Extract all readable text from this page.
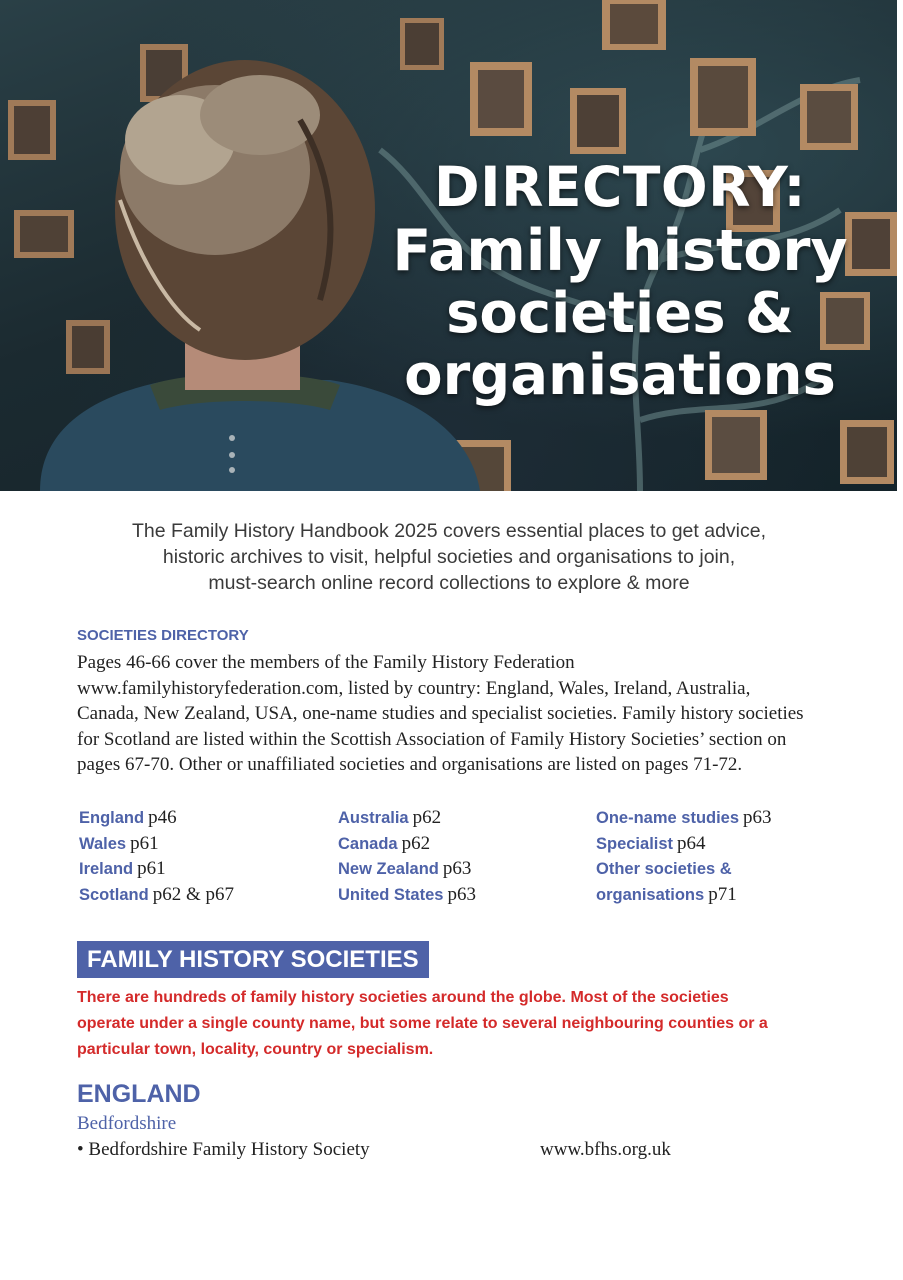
DIRECTORY:
Family history
societies &
organisations
The Family History Handbook 2025 covers essential places to get advice,
historic archives to visit, helpful societies and organisations to join,
must-search online record collections to explore & more
SOCIETIES DIRECTORY
Pages 46-66 cover the members of the Family History Federation
www.familyhistoryfederation.com, listed by country: England, Wales, Ireland, Australia,
Canada, New Zealand, USA, one-name studies and specialist societies. Family history societies
for Scotland are listed within the Scottish Association of Family History Societies’ section on
pages 67-70. Other or unaffiliated societies and organisations are listed on pages 71-72.
England p46
Wales p61
Ireland p61
Scotland p62 & p67
Australia p62
Canada p62
New Zealand p63
United States p63
One-name studies p63
Specialist p64
Other societies &
organisations p71
FAMILY HISTORY SOCIETIES
There are hundreds of family history societies around the globe. Most of the societies
operate under a single county name, but some relate to several neighbouring counties or a
particular town, locality, country or specialism.
ENGLAND
Bedfordshire
• Bedfordshire Family History Society	www.bfhs.org.uk
